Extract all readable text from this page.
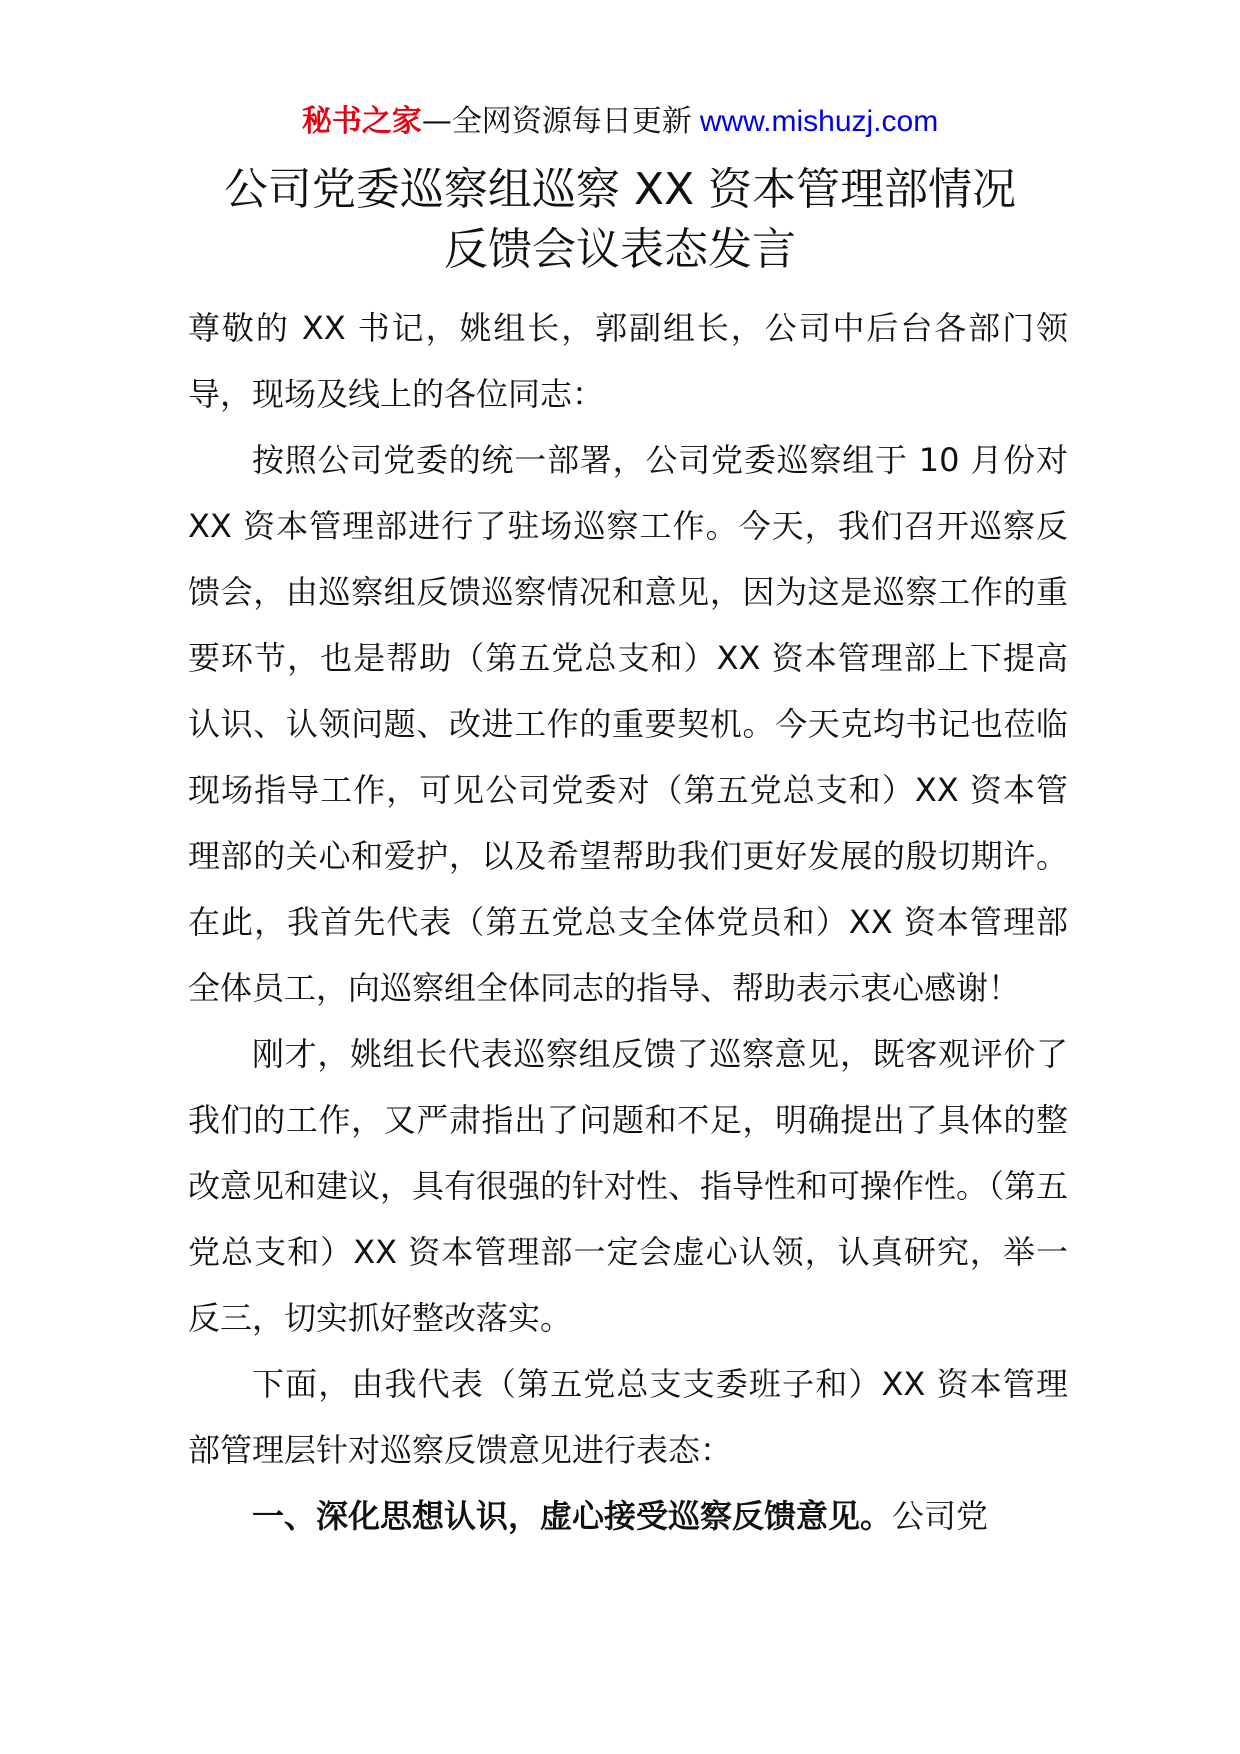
秘书之家—全网资源每日更新 www.mishuzj.com
公司党委巡察组巡察 XX 资本管理部情况
反馈会议表态发言

尊敬的 XX 书记，姚组长，郭副组长，公司中后台各部门领导，现场及线上的各位同志：

按照公司党委的统一部署，公司党委巡察组于 10 月份对 XX 资本管理部进行了驻场巡察工作。今天，我们召开巡察反馈会，由巡察组反馈巡察情况和意见，因为这是巡察工作的重要环节，也是帮助（第五党总支和）XX 资本管理部上下提高认识、认领问题、改进工作的重要契机。今天克均书记也莅临现场指导工作，可见公司党委对（第五党总支和）XX 资本管理部的关心和爱护，以及希望帮助我们更好发展的殷切期许。在此，我首先代表（第五党总支全体党员和）XX 资本管理部全体员工，向巡察组全体同志的指导、帮助表示衷心感谢！

刚才，姚组长代表巡察组反馈了巡察意见，既客观评价了我们的工作，又严肃指出了问题和不足，明确提出了具体的整改意见和建议，具有很强的针对性、指导性和可操作性。（第五党总支和）XX 资本管理部一定会虚心认领，认真研究，举一反三，切实抓好整改落实。

下面，由我代表（第五党总支支委班子和）XX 资本管理部管理层针对巡察反馈意见进行表态：

一、深化思想认识，虚心接受巡察反馈意见。公司党
